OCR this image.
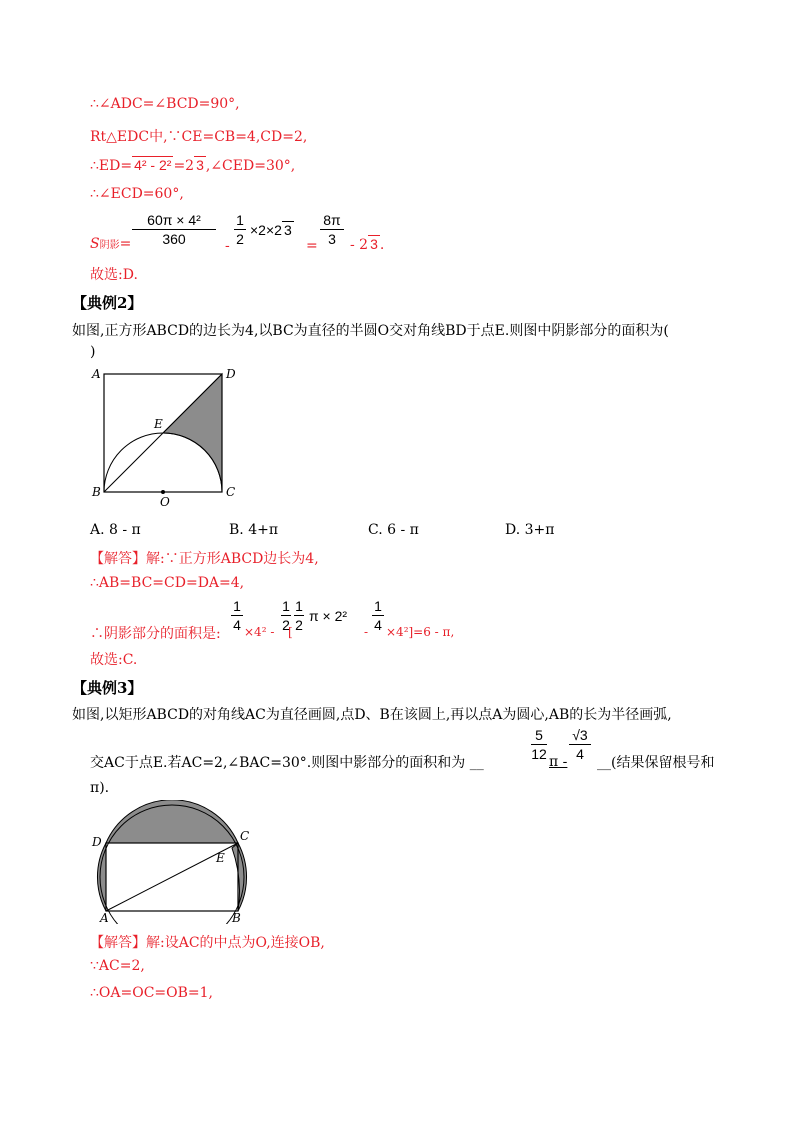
∴∠ADC=∠BCD=90°,
Rt△EDC中,∵CE=CB=4,CD=2,
∴ED= 4² - 2² =2 3 ,∠CED=30°,
∴∠ECD=60°,
S阴影=
60π × 4²
360	-
1
2
×2×2 3
=
8π
3	- 2 3 .
故选:D.
【典例2】
如图,正方形ABCD的边长为4,以BC为直径的半圆O交对角线BD于点E.则图中阴影部分的面积为(
)
A	D
E
B
O
C
A. 8 - π	B. 4+π	C. 6 - π	D. 3+π
【解答】解:∵正方形ABCD边长为4,
∴AB=BC=CD=DA=4,
∴阴影部分的面积是:
1
4 ×4² -
1
2
1
2
[
π × 2²
-
1
4 ×4²]=6 - π,
故选:C.
【典例3】
如图,以矩形ABCD的对角线AC为直径画圆,点D、B在该圆上,再以点A为圆心,AB的长为半径画弧,
交AC于点E.若AC=2,∠BAC=30°.则图中影部分的面积和为 __
5
12 π -
√3
4
__(结果保留根号和
π).
D	C
E
A	B
【解答】解:设AC的中点为O,连接OB,
∵AC=2,
∴OA=OC=OB=1,
